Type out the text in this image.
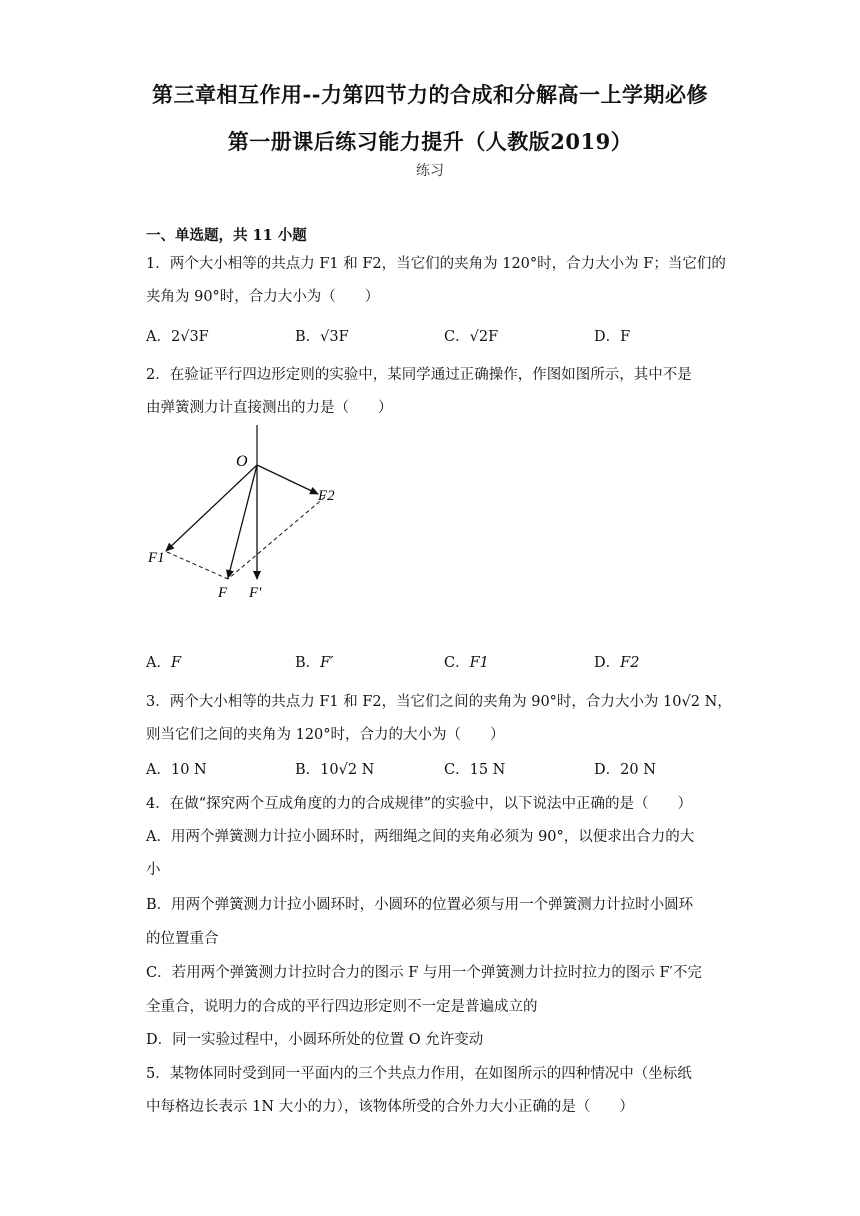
第三章相互作用--力第四节力的合成和分解高一上学期必修
第一册课后练习能力提升（人教版2019）
练习
一、单选题，共 11 小题
1．两个大小相等的共点力 F1 和 F2，当它们的夹角为 120°时，合力大小为 F；当它们的
夹角为 90°时，合力大小为（　　）
A．2√3F	B．√3F	C．√2F	D．F
2．在验证平行四边形定则的实验中，某同学通过正确操作，作图如图所示，其中不是
由弹簧测力计直接测出的力是（　　）
O
F2
F1
F F′
A．F	B．F′	C．F1	D．F2
3．两个大小相等的共点力 F1 和 F2，当它们之间的夹角为 90°时，合力大小为 10√2 N，
则当它们之间的夹角为 120°时，合力的大小为（　　）
A．10 N	B．10√2 N	C．15 N	D．20 N
4．在做“探究两个互成角度的力的合成规律”的实验中，以下说法中正确的是（　　）
A．用两个弹簧测力计拉小圆环时，两细绳之间的夹角必须为 90°，以便求出合力的大
小
B．用两个弹簧测力计拉小圆环时，小圆环的位置必须与用一个弹簧测力计拉时小圆环
的位置重合
C．若用两个弹簧测力计拉时合力的图示 F 与用一个弹簧测力计拉时拉力的图示 F′不完
全重合，说明力的合成的平行四边形定则不一定是普遍成立的
D．同一实验过程中，小圆环所处的位置 O 允许变动
5．某物体同时受到同一平面内的三个共点力作用，在如图所示的四种情况中（坐标纸
中每格边长表示 1N 大小的力），该物体所受的合外力大小正确的是（　　）
